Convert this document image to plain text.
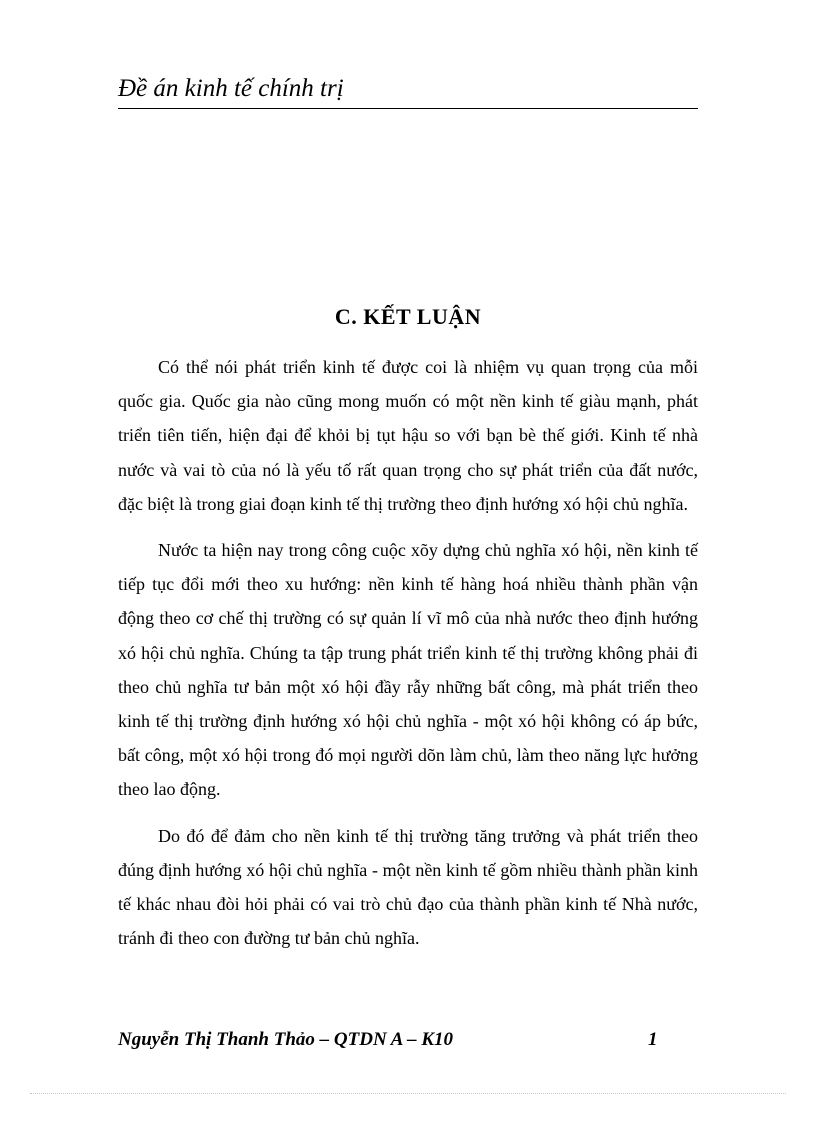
Đề án kinh tế chính trị
C. KẾT LUẬN

Có thể nói phát triển kinh tế được coi là nhiệm vụ quan trọng của mỗi quốc gia. Quốc gia nào cũng mong muốn có một nền kinh tế giàu mạnh, phát triển tiên tiến, hiện đại để khỏi bị tụt hậu so với bạn bè thế giới. Kinh tế nhà nước và vai tò của nó là yếu tố rất quan trọng cho sự phát triển của đất nước, đặc biệt là trong giai đoạn kinh tế thị trường theo định hướng xó hội chủ nghĩa.

Nước ta hiện nay trong công cuộc xõy dựng chủ nghĩa xó hội, nền kinh tế tiếp tục đổi mới theo xu hướng: nền kinh tế hàng hoá nhiều thành phần vận động theo cơ chế thị trường có sự quản lí vĩ mô của nhà nước theo định hướng xó hội chủ nghĩa. Chúng ta tập trung phát triển kinh tế thị trường không phải đi theo chủ nghĩa tư bản một xó hội đầy rẫy những bất công, mà phát triển theo kinh tế thị trường định hướng xó hội chủ nghĩa - một xó hội không có áp bức, bất công, một xó hội trong đó mọi người dõn làm chủ, làm theo năng lực hưởng theo lao động.

Do đó để đảm cho nền kinh tế thị trường tăng trưởng và phát triển theo đúng định hướng xó hội chủ nghĩa - một nền kinh tế gồm nhiều thành phần kinh tế khác nhau đòi hỏi phải có vai trò chủ đạo của thành phần kinh tế Nhà nước, tránh đi theo con đường tư bản chủ nghĩa.

Nguyễn Thị Thanh Thảo – QTDN A – K10	1
